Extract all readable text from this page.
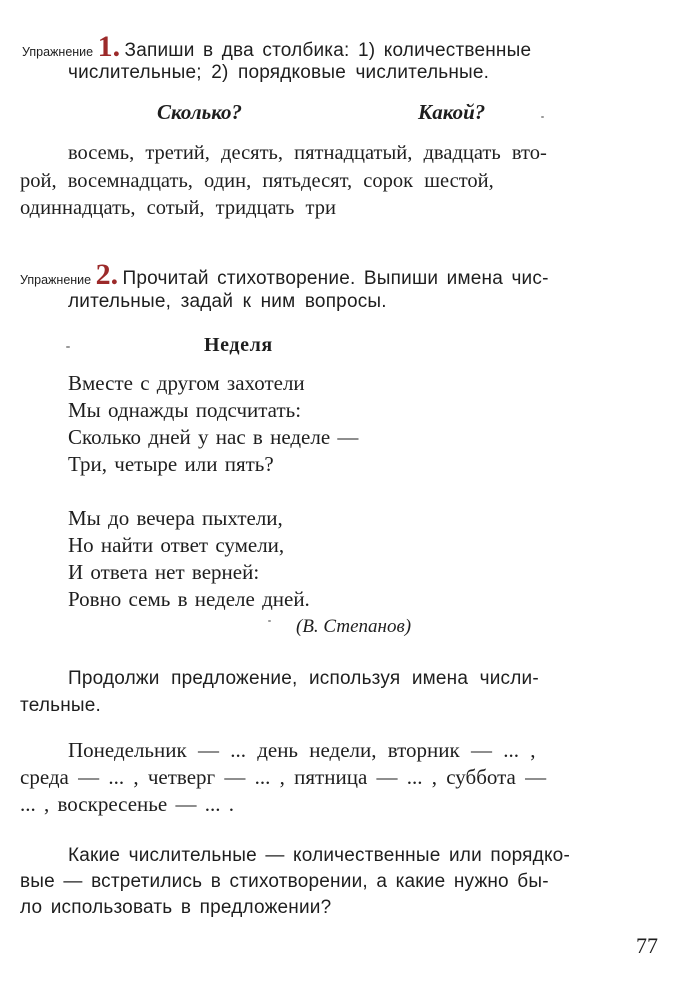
Упражнение 1. Запиши в два столбика: 1) количественные
числительные; 2) порядковые числительные.
Сколько?	Какой?
восемь, третий, десять, пятнадцатый, двадцать вто-
рой, восемнадцать, один, пятьдесят, сорок шестой,
одиннадцать, сотый, тридцать три
Упражнение 2. Прочитай стихотворение. Выпиши имена чис-
лительные, задай к ним вопросы.
Неделя
Вместе с другом захотели
Мы однажды подсчитать:
Сколько дней у нас в неделе —
Три, четыре или пять?
Мы до вечера пыхтели,
Но найти ответ сумели,
И ответа нет верней:
Ровно семь в неделе дней.
(В. Степанов)
Продолжи предложение, используя имена числи-
тельные.
Понедельник — ... день недели, вторник — ... ,
среда — ... , четверг — ... , пятница — ... , суббота —
... , воскресенье — ... .
Какие числительные — количественные или порядко-
вые — встретились в стихотворении, а какие нужно бы-
ло использовать в предложении?
77
